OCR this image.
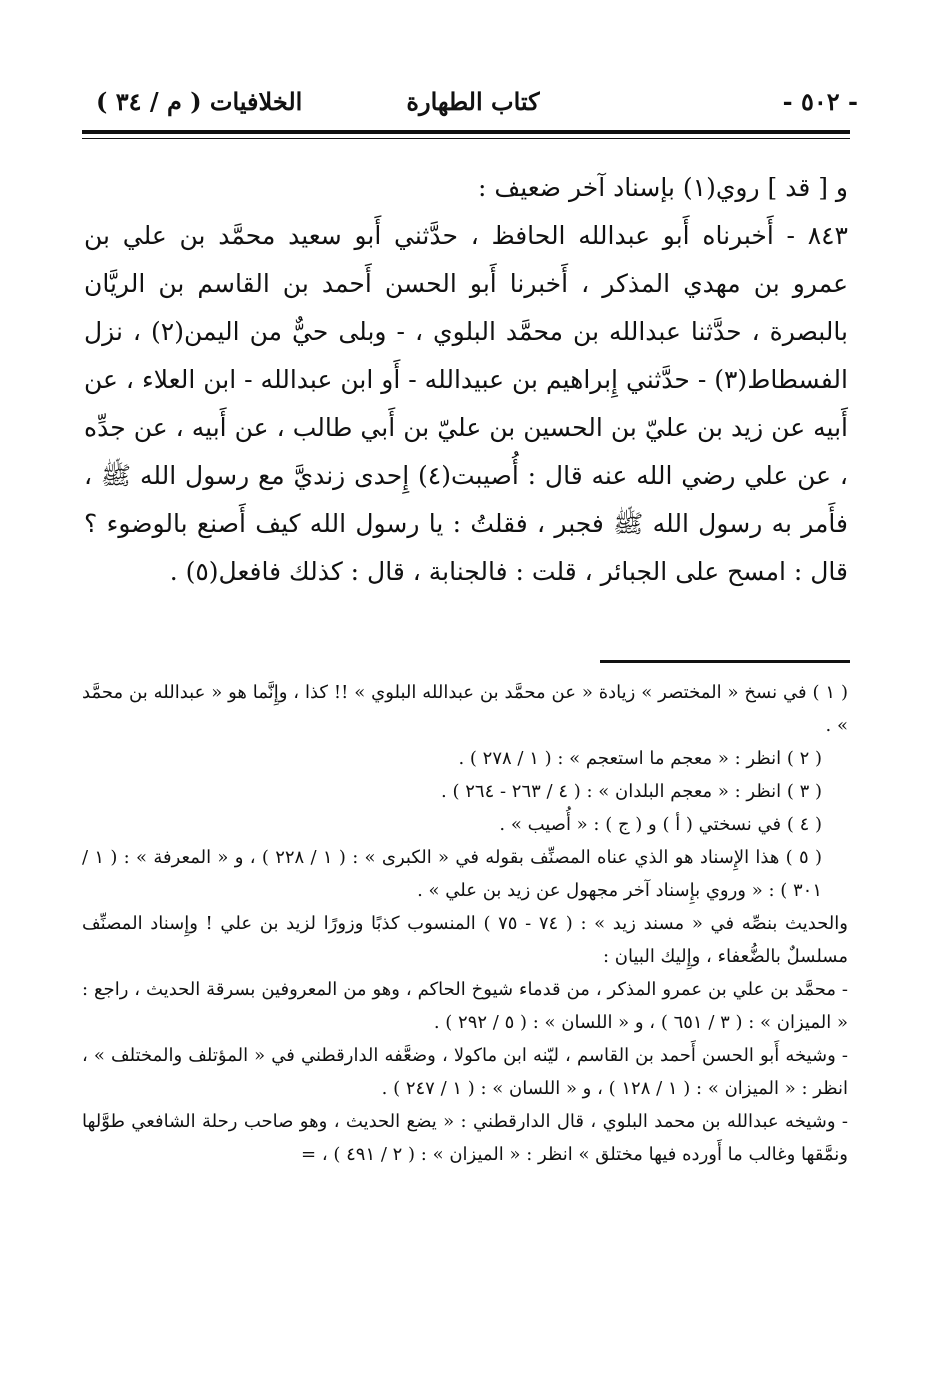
- ٥٠٢ -
كتاب الطهارة
الخلافيات ( م / ٣٤ )

و [ قد ] روي(١) بإسناد آخر ضعيف :

٨٤٣ - أَخبرناه أَبو عبدالله الحافظ ، حدَّثني أَبو سعيد محمَّد بن علي بن عمرو بن مهدي المذكر ، أَخبرنا أَبو الحسن أَحمد بن القاسم بن الريَّان بالبصرة ، حدَّثنا عبدالله بن محمَّد البلوي ، - وبلى حيٌّ من اليمن(٢) ، نزل الفسطاط(٣) - حدَّثني إِبراهيم بن عبيدالله - أَو ابن عبدالله - ابن العلاء ، عن أَبيه عن زيد بن عليّ بن الحسين بن عليّ بن أَبي طالب ، عن أَبيه ، عن جدِّه ، عن علي رضي الله عنه قال : أُصيبت(٤) إِحدى زنديَّ مع رسول الله ﷺ ، فأَمر به رسول الله ﷺ فجبر ، فقلتُ : يا رسول الله كيف أَصنع بالوضوء ؟ قال : امسح على الجبائر ، قلت : فالجنابة ، قال : كذلك فافعل(٥) .

( ١ ) في نسخ « المختصر » زيادة « عن محمَّد بن عبدالله البلوي » !! كذا ، وإِنَّما هو « عبدالله بن محمَّد » .

( ٢ ) انظر : « معجم ما استعجم » : ( ١ / ٢٧٨ ) .

( ٣ ) انظر : « معجم البلدان » : ( ٤ / ٢٦٣ - ٢٦٤ ) .

( ٤ ) في نسختي ( أ ) و ( ج ) : « أُصيب » .

( ٥ ) هذا الإِسناد هو الذي عناه المصنِّف بقوله في « الكبرى » : ( ١ / ٢٢٨ ) ، و « المعرفة » : ( ١ / ٣٠١ ) : « وروي بإِسناد آخر مجهول عن زيد بن علي » .

والحديث بنصِّه في « مسند زيد » : ( ٧٤ - ٧٥ ) المنسوب كذبًا وزورًا لزيد بن علي ! وإِسناد المصنِّف مسلسلٌ بالضُّعفاء ، وإِليك البيان :

- محمَّد بن علي بن عمرو المذكر ، من قدماء شيوخ الحاكم ، وهو من المعروفين بسرقة الحديث ، راجع : « الميزان » : ( ٣ / ٦٥١ ) ، و « اللسان » : ( ٥ / ٢٩٢ ) .

- وشيخه أَبو الحسن أَحمد بن القاسم ، ليّنه ابن ماكولا ، وضعَّفه الدارقطني في « المؤتلف والمختلف » ، انظر : « الميزان » : ( ١ / ١٢٨ ) ، و « اللسان » : ( ١ / ٢٤٧ ) .

- وشيخه عبدالله بن محمد البلوي ، قال الدارقطني : « يضع الحديث ، وهو صاحب رحلة الشافعي طوَّلها ونمَّقها وغالب ما أَورده فيها مختلق » انظر : « الميزان » : ( ٢ / ٤٩١ ) ، =
